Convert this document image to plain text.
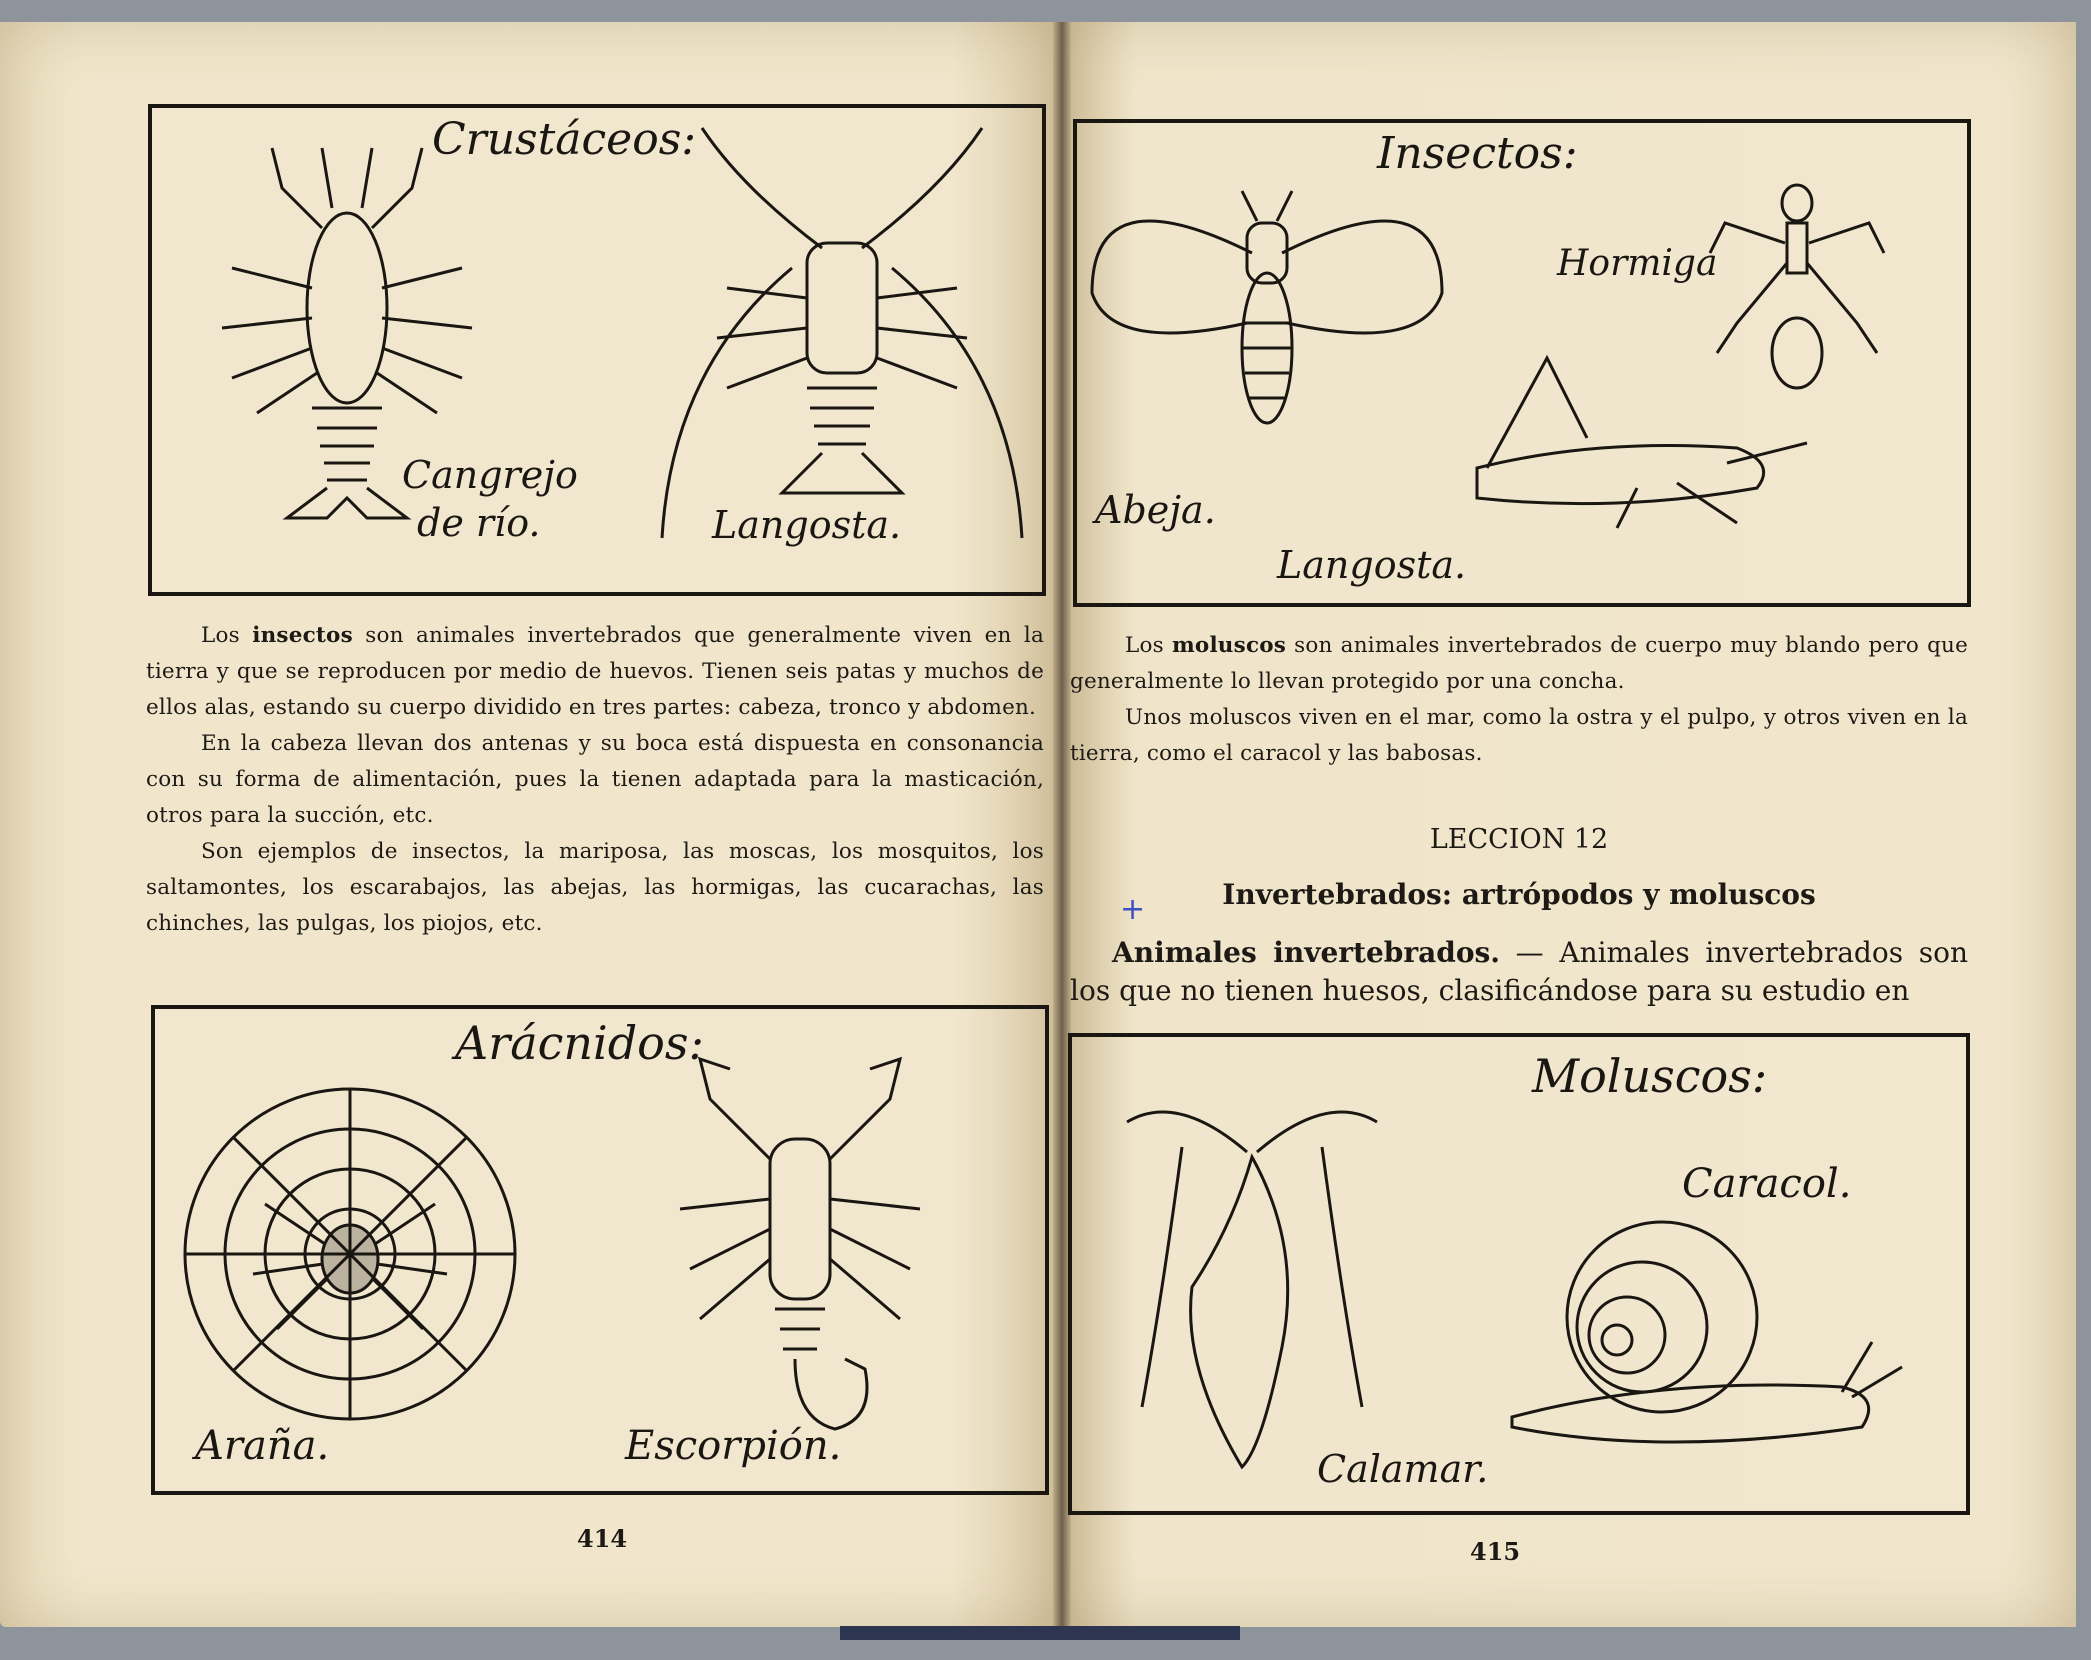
Crustáceos:
Cangrejo
de río.	Langosta.

Los insectos son animales invertebrados que generalmente viven en la tierra y que se reproducen por medio de huevos. Tienen seis patas y muchos de ellos alas, estando su cuerpo dividido en tres partes: cabeza, tronco y abdomen.

En la cabeza llevan dos antenas y su boca está dispuesta en consonancia con su forma de alimentación, pues la tienen adaptada para la masticación, otros para la succión, etc.

Son ejemplos de insectos, la mariposa, las moscas, los mosquitos, los saltamontes, los escarabajos, las abejas, las hormigas, las cucarachas, las chinches, las pulgas, los piojos, etc.

Arácnidos:
Araña.	Escorpión.
414
Insectos:
Hormiga
Abeja.
Langosta.

Los moluscos son animales invertebrados de cuerpo muy blando pero que generalmente lo llevan protegido por una concha.

Unos moluscos viven en el mar, como la ostra y el pulpo, y otros viven en la tierra, como el caracol y las babosas.

LECCION 12
Invertebrados: artrópodos y moluscos
+

Animales invertebrados. — Animales invertebrados son los que no tienen huesos, clasificándose para su estudio en

Moluscos:
Caracol.
Calamar.
415
